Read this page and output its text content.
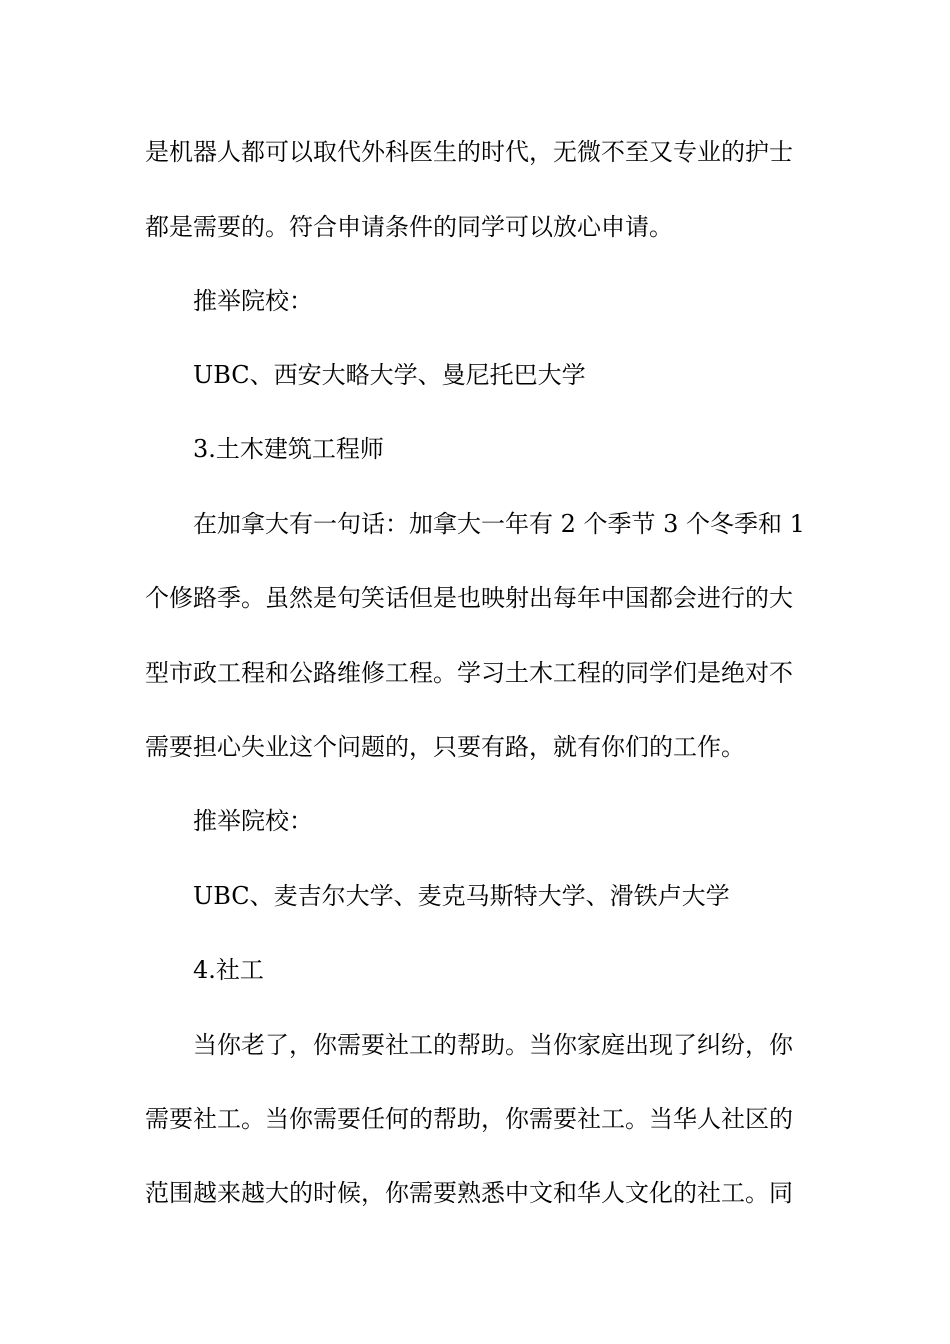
是机器人都可以取代外科医生的时代，无微不至又专业的护士
都是需要的。符合申请条件的同学可以放心申请。
推举院校：
UBC、西安大略大学、曼尼托巴大学
3.土木建筑工程师
在加拿大有一句话：加拿大一年有 2 个季节 3 个冬季和 1
个修路季。虽然是句笑话但是也映射出每年中国都会进行的大
型市政工程和公路维修工程。学习土木工程的同学们是绝对不
需要担心失业这个问题的，只要有路，就有你们的工作。
推举院校：
UBC、麦吉尔大学、麦克马斯特大学、滑铁卢大学
4.社工
当你老了，你需要社工的帮助。当你家庭出现了纠纷，你
需要社工。当你需要任何的帮助，你需要社工。当华人社区的
范围越来越大的时候，你需要熟悉中文和华人文化的社工。同
